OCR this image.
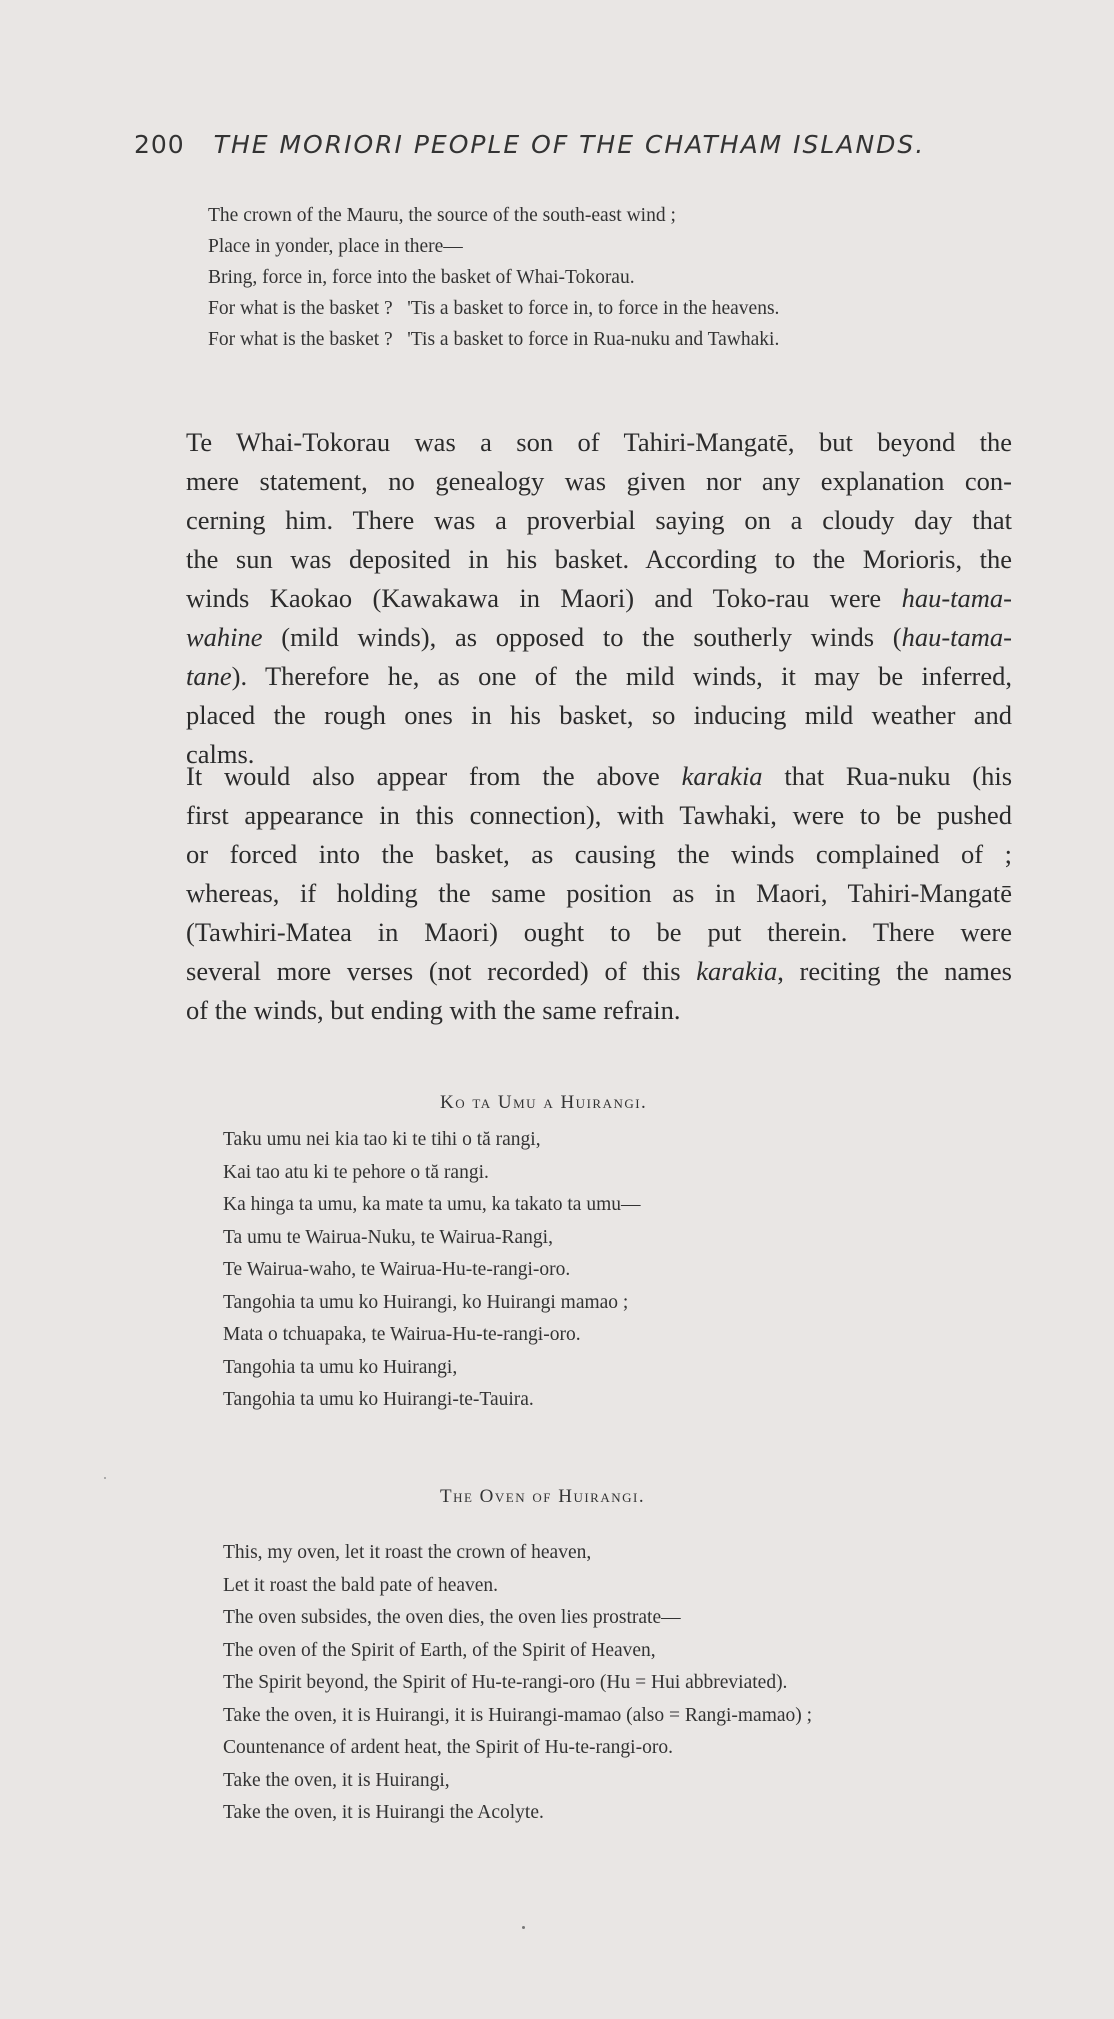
200 THE MORIORI PEOPLE OF THE CHATHAM ISLANDS.
The crown of the Mauru, the source of the south-east wind ;
Place in yonder, place in there—
Bring, force in, force into the basket of Whai-Tokorau.
For what is the basket ?   'Tis a basket to force in, to force in the heavens.
For what is the basket ?   'Tis a basket to force in Rua-nuku and Tawhaki.
Te Whai-Tokorau was a son of Tahiri-Mangatē, but beyond the
mere statement, no genealogy was given nor any explanation con-
cerning him. There was a proverbial saying on a cloudy day that
the sun was deposited in his basket. According to the Morioris, the
winds Kaokao (Kawakawa in Maori) and Toko-rau were hau-tama-
wahine (mild winds), as opposed to the southerly winds (hau-tama-
tane). Therefore he, as one of the mild winds, it may be inferred,
placed the rough ones in his basket, so inducing mild weather and
calms.
It would also appear from the above karakia that Rua-nuku (his
first appearance in this connection), with Tawhaki, were to be pushed
or forced into the basket, as causing the winds complained of ;
whereas, if holding the same position as in Maori, Tahiri-Mangatē
(Tawhiri-Matea in Maori) ought to be put therein. There were
several more verses (not recorded) of this karakia, reciting the names
of the winds, but ending with the same refrain.
Ko ta Umu a Huirangi.
Taku umu nei kia tao ki te tihi o tă rangi,
Kai tao atu ki te pehore o tă rangi.
Ka hinga ta umu, ka mate ta umu, ka takato ta umu—
Ta umu te Wairua-Nuku, te Wairua-Rangi,
Te Wairua-waho, te Wairua-Hu-te-rangi-oro.
Tangohia ta umu ko Huirangi, ko Huirangi mamao ;
Mata o tchuapaka, te Wairua-Hu-te-rangi-oro.
Tangohia ta umu ko Huirangi,
Tangohia ta umu ko Huirangi-te-Tauira.
The Oven of Huirangi.
This, my oven, let it roast the crown of heaven,
Let it roast the bald pate of heaven.
The oven subsides, the oven dies, the oven lies prostrate—
The oven of the Spirit of Earth, of the Spirit of Heaven,
The Spirit beyond, the Spirit of Hu-te-rangi-oro (Hu = Hui abbreviated).
Take the oven, it is Huirangi, it is Huirangi-mamao (also = Rangi-mamao) ;
Countenance of ardent heat, the Spirit of Hu-te-rangi-oro.
Take the oven, it is Huirangi,
Take the oven, it is Huirangi the Acolyte.
